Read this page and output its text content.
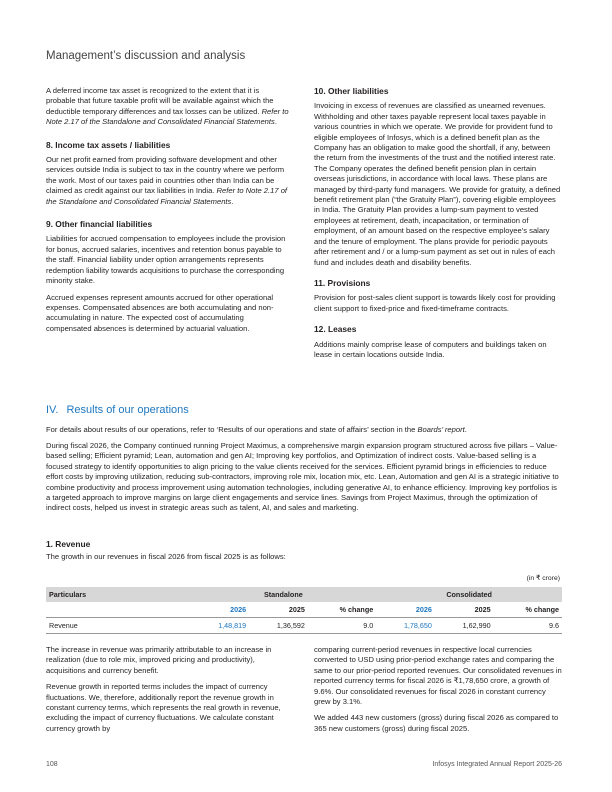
Management’s discussion and analysis

A deferred income tax asset is recognized to the extent that it is probable that future taxable profit will be available against which the deductible temporary differences and tax losses can be utilized. Refer to Note 2.17 of the Standalone and Consolidated Financial Statements.

8. Income tax assets / liabilities

Our net profit earned from providing software development and other services outside India is subject to tax in the country where we perform the work. Most of our taxes paid in countries other than India can be claimed as credit against our tax liabilities in India. Refer to Note 2.17 of the Standalone and Consolidated Financial Statements.

9. Other financial liabilities

Liabilities for accrued compensation to employees include the provision for bonus, accrued salaries, incentives and retention bonus payable to the staff. Financial liability under option arrangements represents redemption liability towards acquisitions to purchase the corresponding minority stake.

Accrued expenses represent amounts accrued for other operational expenses. Compensated absences are both accumulating and non-accumulating in nature. The expected cost of accumulating compensated absences is determined by actuarial valuation.

10. Other liabilities

Invoicing in excess of revenues are classified as unearned revenues. Withholding and other taxes payable represent local taxes payable in various countries in which we operate. We provide for provident fund to eligible employees of Infosys, which is a defined benefit plan as the Company has an obligation to make good the shortfall, if any, between the return from the investments of the trust and the notified interest rate.

The Company operates the defined benefit pension plan in certain overseas jurisdictions, in accordance with local laws. These plans are managed by third-party fund managers. We provide for gratuity, a defined benefit retirement plan (“the Gratuity Plan”), covering eligible employees in India. The Gratuity Plan provides a lump-sum payment to vested employees at retirement, death, incapacitation, or termination of employment, of an amount based on the respective employee’s salary and the tenure of employment. The plans provide for periodic payouts after retirement and / or a lump-sum payment as set out in rules of each fund and includes death and disability benefits.

11. Provisions

Provision for post-sales client support is towards likely cost for providing client support to fixed-price and fixed-timeframe contracts.

12. Leases

Additions mainly comprise lease of computers and buildings taken on lease in certain locations outside India.

IV. Results of our operations

For details about results of our operations, refer to ‘Results of our operations and state of affairs’ section in the Boards’ report.

During fiscal 2026, the Company continued running Project Maximus, a comprehensive margin expansion program structured across five pillars – Value-based selling; Efficient pyramid; Lean, automation and gen AI; Improving key portfolios, and Optimization of indirect costs. Value-based selling is a focused strategy to identify opportunities to align pricing to the value clients received for the services. Efficient pyramid brings in efficiencies to reduce effort costs by improving utilization, reducing sub-contractors, improving role mix, location mix, etc. Lean, Automation and gen AI is a strategic initiative to combine productivity and process improvement using automation technologies, including generative AI, to enhance efficiency. Improving key portfolios is a targeted approach to improve margins on large client engagements and service lines. Savings from Project Maximus, through the optimization of indirect costs, helped us invest in strategic areas such as talent, AI, and sales and marketing.

1. Revenue
The growth in our revenues in fiscal 2026 from fiscal 2025 is as follows:
(in ₹ crore)
Particulars	Standalone			Consolidated		
	2026	2025	% change	2026	2025	% change
Revenue	1,48,819	1,36,592	9.0	1,78,650	1,62,990	9.6

The increase in revenue was primarily attributable to an increase in realization (due to role mix, improved pricing and productivity), acquisitions and currency benefit.

Revenue growth in reported terms includes the impact of currency fluctuations. We, therefore, additionally report the revenue growth in constant currency terms, which represents the real growth in revenue, excluding the impact of currency fluctuations. We calculate constant currency growth by

comparing current-period revenues in respective local currencies converted to USD using prior-period exchange rates and comparing the same to our prior-period reported revenues. Our consolidated revenues in reported currency terms for fiscal 2026 is ₹1,78,650 crore, a growth of 9.6%. Our consolidated revenues for fiscal 2026 in constant currency grew by 3.1%.

We added 443 new customers (gross) during fiscal 2026 as compared to 365 new customers (gross) during fiscal 2025.

108	Infosys Integrated Annual Report 2025-26
